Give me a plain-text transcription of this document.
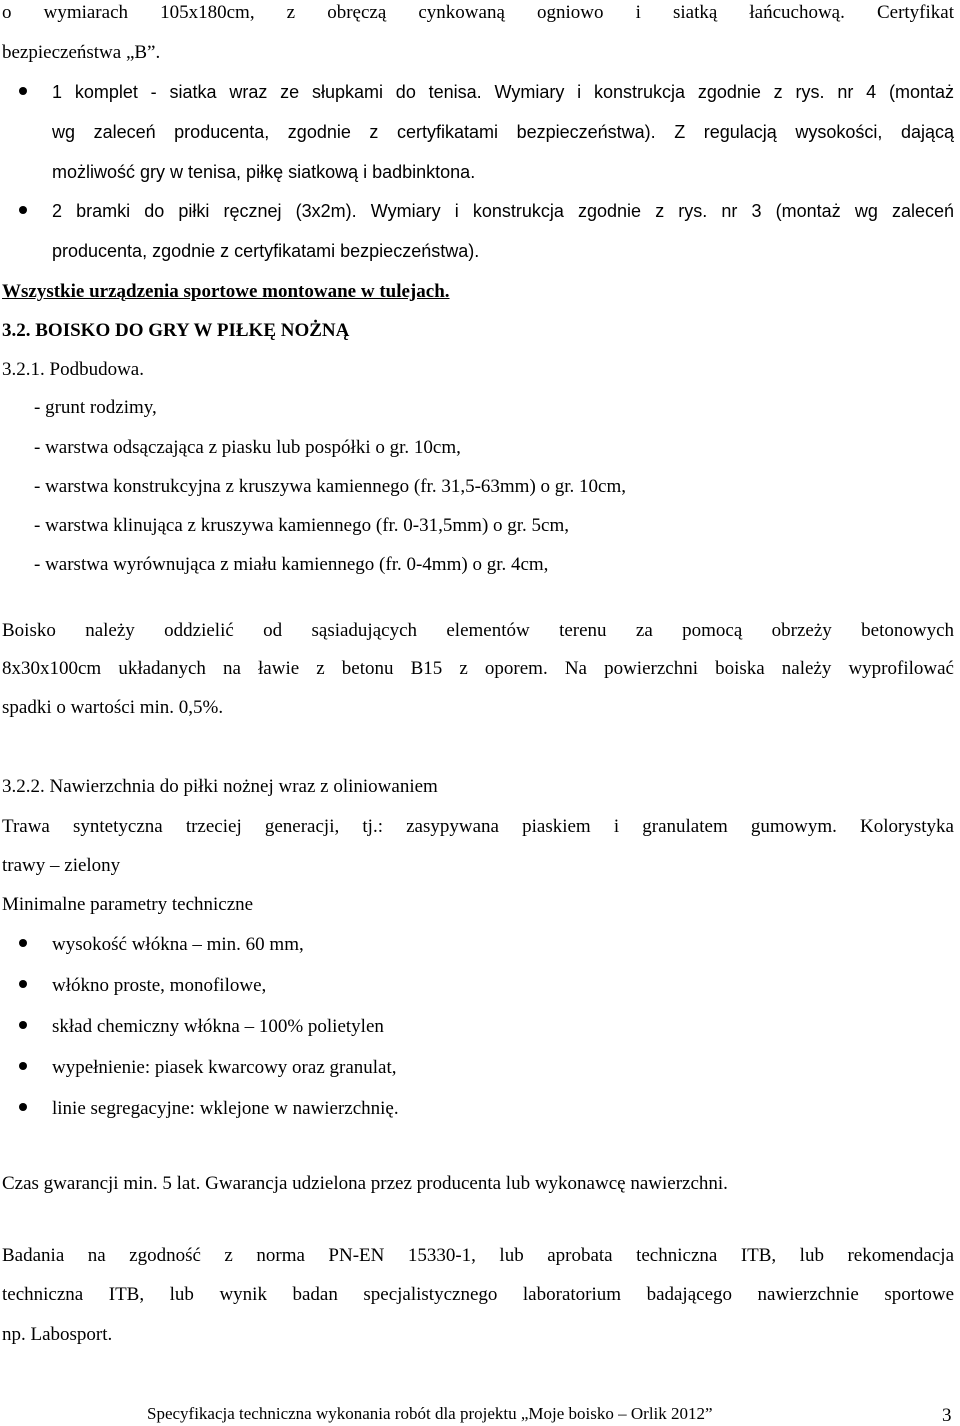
o wymiarach 105x180cm, z obręczą cynkowaną ogniowo i siatką łańcuchową. Certyfikat
bezpieczeństwa „B”.
1 komplet - siatka wraz ze słupkami do tenisa. Wymiary i konstrukcja zgodnie z rys. nr 4 (montaż
wg zaleceń producenta, zgodnie z certyfikatami bezpieczeństwa). Z regulacją wysokości, dającą
możliwość gry w tenisa, piłkę siatkową i badbinktona.
2 bramki do piłki ręcznej (3x2m). Wymiary i konstrukcja zgodnie z rys. nr 3 (montaż wg zaleceń
producenta, zgodnie z certyfikatami bezpieczeństwa).
Wszystkie urządzenia sportowe montowane w tulejach.
3.2. BOISKO DO GRY W PIŁKĘ NOŻNĄ
3.2.1. Podbudowa.
- grunt rodzimy,
- warstwa odsączająca z piasku lub pospółki o gr. 10cm,
- warstwa konstrukcyjna z kruszywa kamiennego (fr. 31,5-63mm) o gr. 10cm,
- warstwa klinująca z kruszywa kamiennego (fr. 0-31,5mm) o gr. 5cm,
- warstwa wyrównująca z miału kamiennego (fr. 0-4mm) o gr. 4cm,
Boisko należy oddzielić od sąsiadujących elementów terenu za pomocą obrzeży betonowych
8x30x100cm układanych na ławie z betonu B15 z oporem. Na powierzchni boiska należy wyprofilować
spadki o wartości min. 0,5%.
3.2.2. Nawierzchnia do piłki nożnej wraz z oliniowaniem
Trawa syntetyczna trzeciej generacji, tj.: zasypywana piaskiem i granulatem gumowym. Kolorystyka
trawy – zielony
Minimalne parametry techniczne
wysokość włókna – min. 60 mm,
włókno proste, monofilowe,
skład chemiczny włókna – 100% polietylen
wypełnienie: piasek kwarcowy oraz granulat,
linie segregacyjne: wklejone w nawierzchnię.
Czas gwarancji min. 5 lat. Gwarancja udzielona przez producenta lub wykonawcę nawierzchni.
Badania na zgodność z norma PN-EN 15330-1, lub aprobata techniczna ITB, lub rekomendacja
techniczna ITB, lub wynik badan specjalistycznego laboratorium badającego nawierzchnie sportowe
np. Labosport.
Specyfikacja techniczna wykonania robót dla projektu „Moje boisko – Orlik 2012”	3
